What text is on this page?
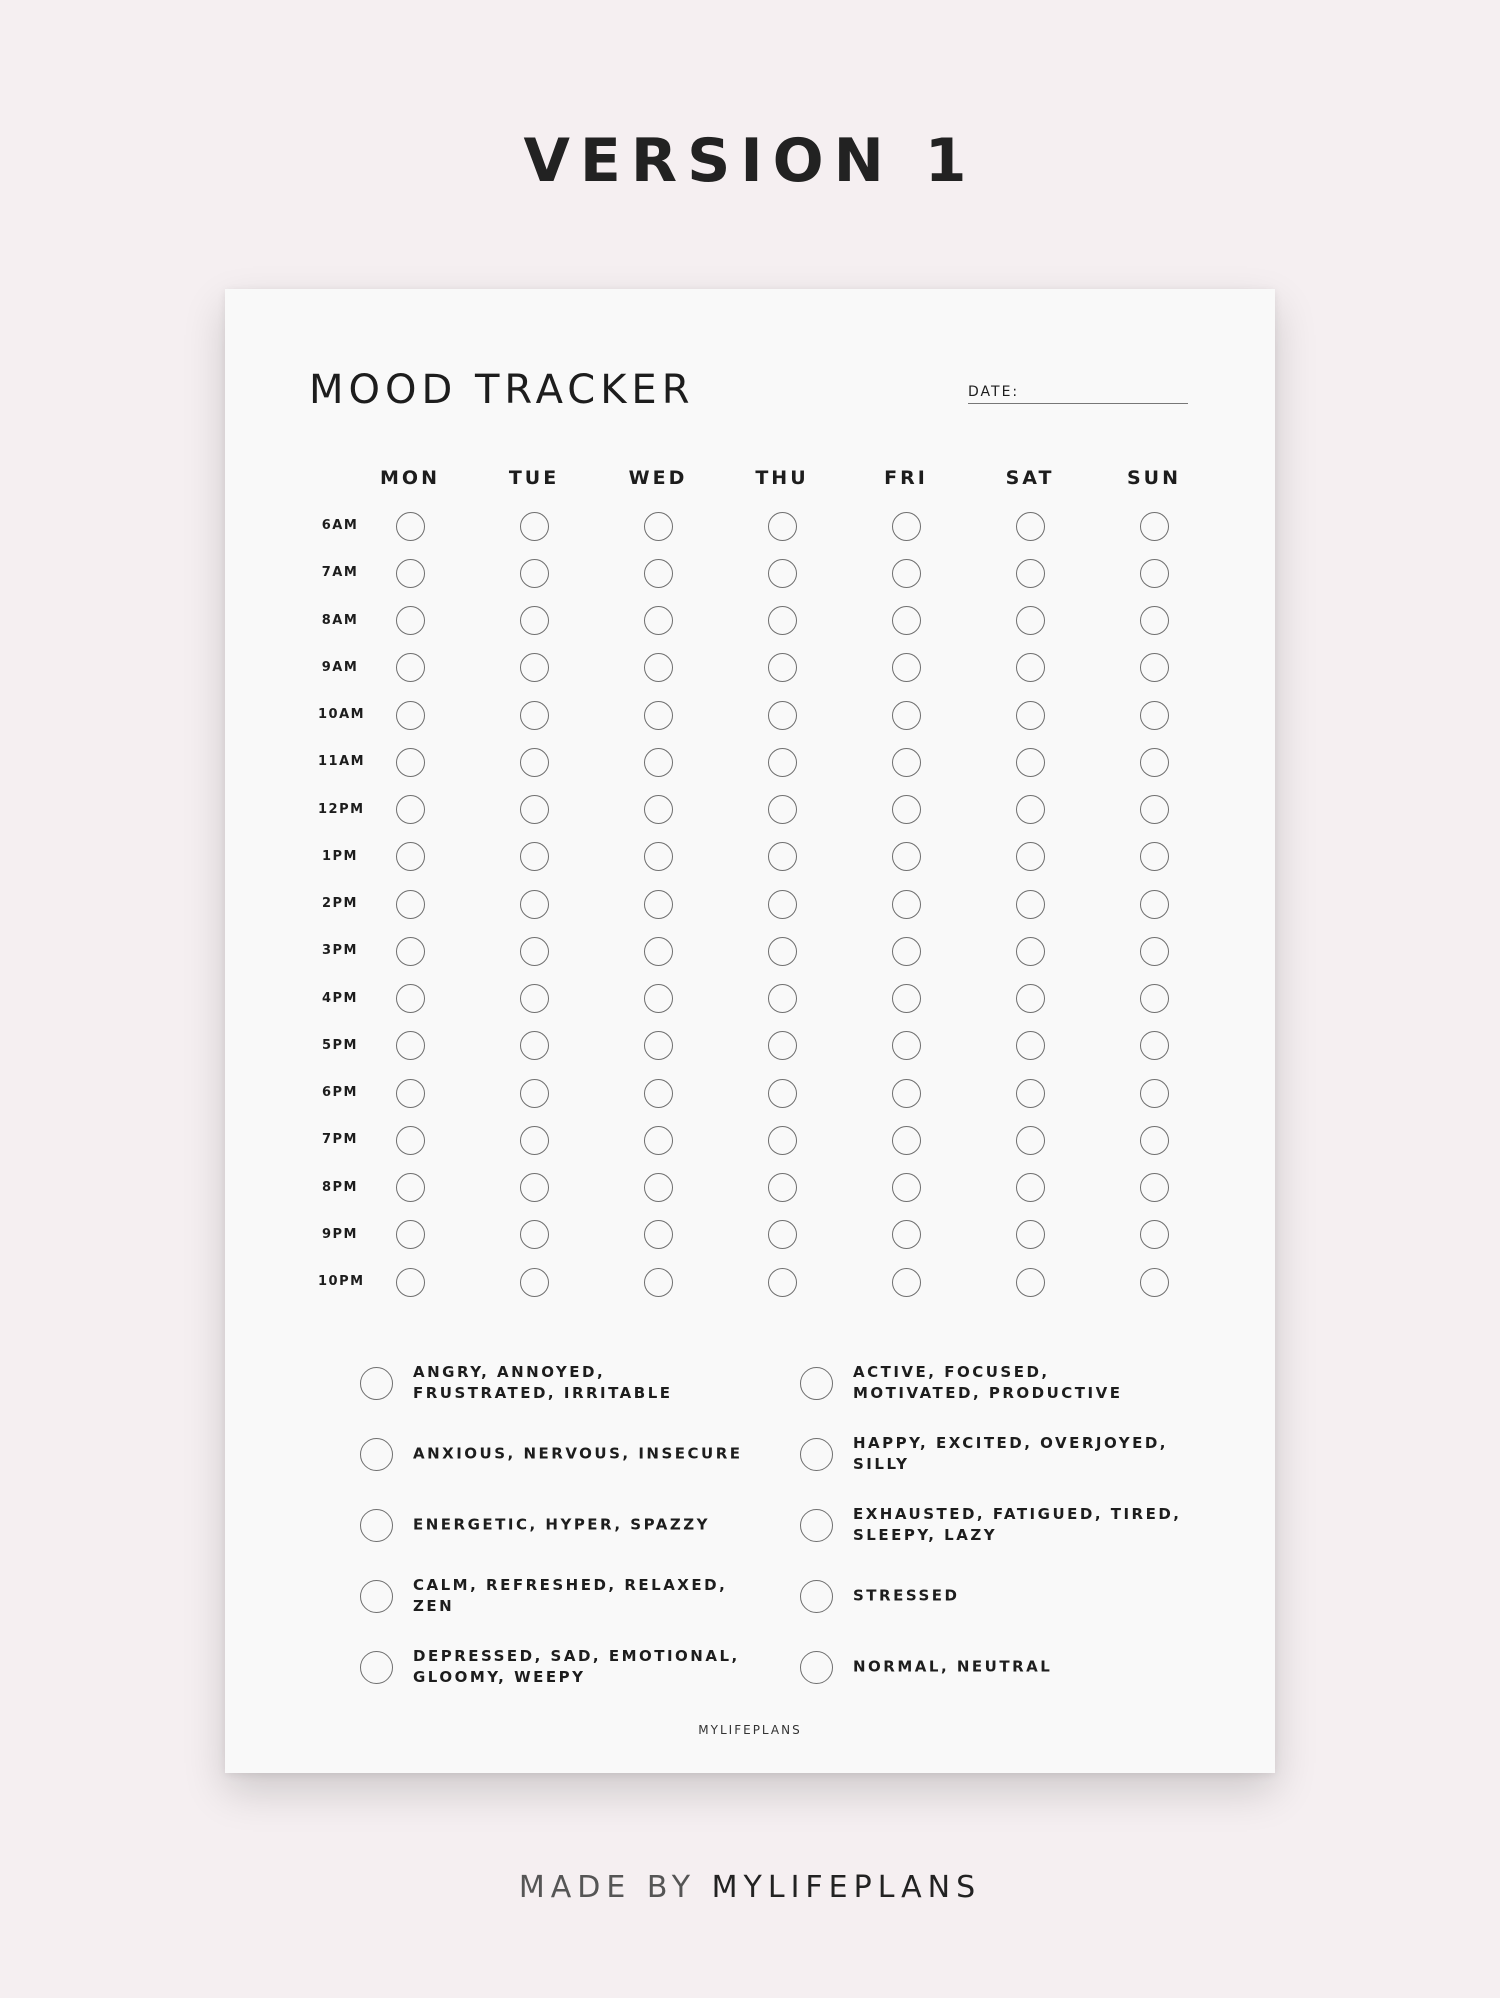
VERSION 1
MOOD TRACKER	DATE:
MON	TUE	WED	THU	FRI	SAT	SUN
6AM
7AM
8AM
9AM
10AM
11AM
12PM
1PM
2PM
3PM
4PM
5PM
6PM
7PM
8PM
9PM
10PM
ANGRY, ANNOYED, FRUSTRATED, IRRITABLE
ANXIOUS, NERVOUS, INSECURE
ENERGETIC, HYPER, SPAZZY
CALM, REFRESHED, RELAXED, ZEN
DEPRESSED, SAD, EMOTIONAL, GLOOMY, WEEPY
ACTIVE, FOCUSED, MOTIVATED, PRODUCTIVE
HAPPY, EXCITED, OVERJOYED, SILLY
EXHAUSTED, FATIGUED, TIRED, SLEEPY, LAZY
STRESSED
NORMAL, NEUTRAL
MYLIFEPLANS
MADE BY MYLIFEPLANS
